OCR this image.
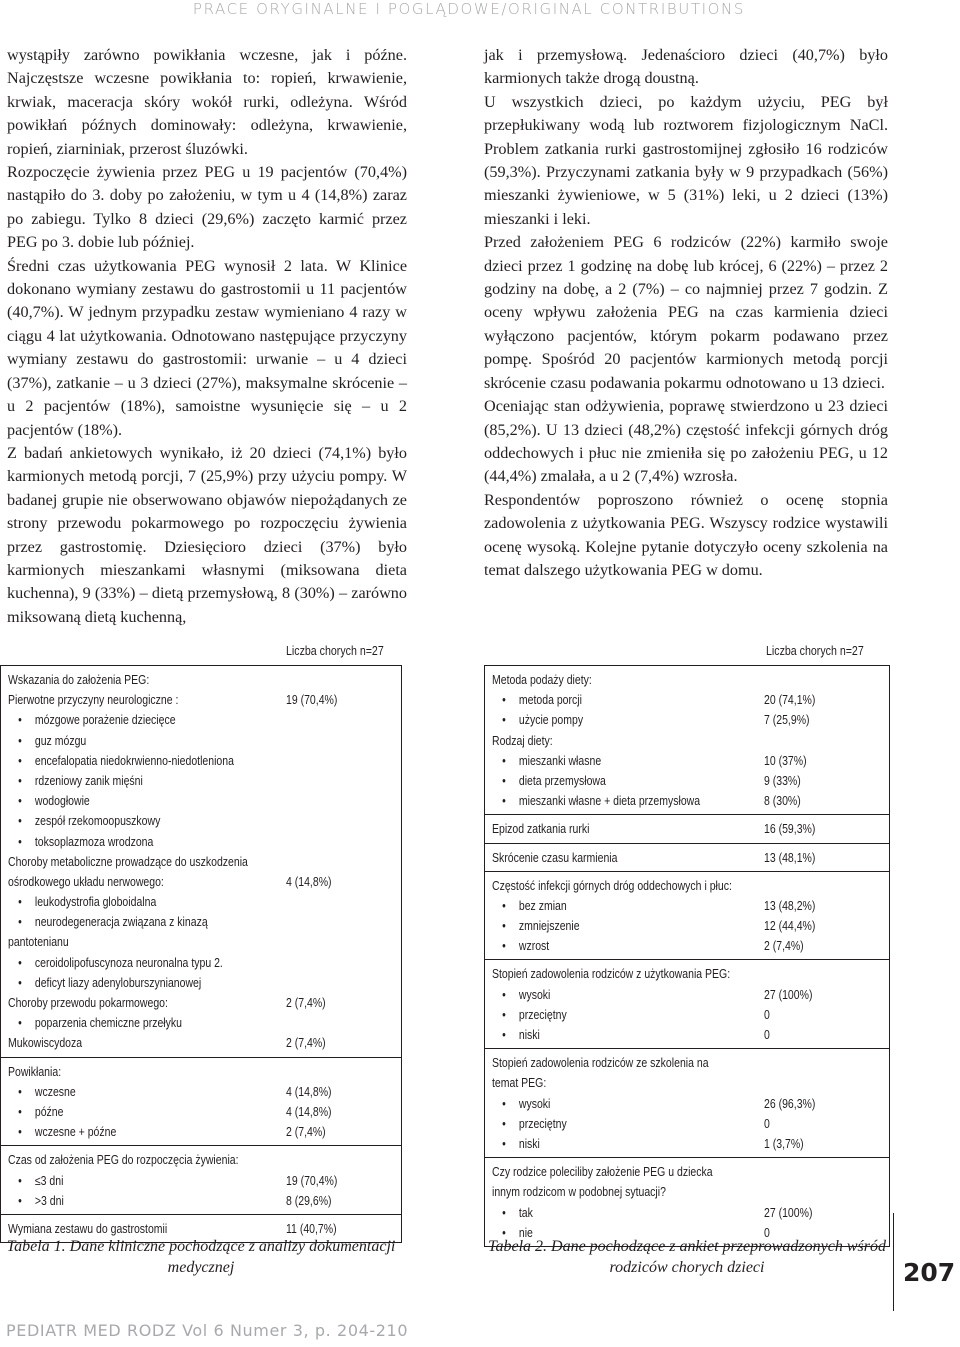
PRACE ORYGINALNE I POGLĄDOWE/ORIGINAL CONTRIBUTIONS

wystąpiły zarówno powikłania wczesne, jak i późne. Najczęstsze wczesne powikłania to: ropień, krwawienie, krwiak, maceracja skóry wokół rurki, odleżyna. Wśród powikłań późnych dominowały: odleżyna, krwawienie, ropień, ziarniniak, przerost śluzówki.

Rozpoczęcie żywienia przez PEG u 19 pacjentów (70,4%) nastąpiło do 3. doby po założeniu, w tym u 4 (14,8%) zaraz po zabiegu. Tylko 8 dzieci (29,6%) zaczęto karmić przez PEG po 3. dobie lub później.

Średni czas użytkowania PEG wynosił 2 lata. W Klinice dokonano wymiany zestawu do gastrostomii u 11 pacjentów (40,7%). W jednym przypadku zestaw wymieniano 4 razy w ciągu 4 lat użytkowania. Odnotowano następujące przyczyny wymiany zestawu do gastrostomii: urwanie – u 4 dzieci (37%), zatkanie – u 3 dzieci (27%), maksymalne skrócenie – u 2 pacjentów (18%), samoistne wysunięcie się – u 2 pacjentów (18%).

Z badań ankietowych wynikało, iż 20 dzieci (74,1%) było karmionych metodą porcji, 7 (25,9%) przy użyciu pompy. W badanej grupie nie obserwowano objawów niepożądanych ze strony przewodu pokarmowego po rozpoczęciu żywienia przez gastrostomię. Dziesięcioro dzieci (37%) było karmionych mieszankami własnymi (miksowana dieta kuchenna), 9 (33%) – dietą przemysłową, 8 (30%) – zarówno miksowaną dietą kuchenną,

jak i przemysłową. Jedenaściorо dzieci (40,7%) było karmionych także drogą doustną.

U wszystkich dzieci, po każdym użyciu, PEG był przepłukiwany wodą lub roztworem fizjologicznym NaCl. Problem zatkania rurki gastrostomijnej zgłosiło 16 rodziców (59,3%). Przyczynami zatkania były w 9 przypadkach (56%) mieszanki żywieniowe, w 5 (31%) leki, u 2 dzieci (13%) mieszanki i leki.

Przed założeniem PEG 6 rodziców (22%) karmiło swoje dzieci przez 1 godzinę na dobę lub krócej, 6 (22%) – przez 2 godziny na dobę, a 2 (7%) – co najmniej przez 7 godzin. Z oceny wpływu założenia PEG na czas karmienia dzieci wyłączono pacjentów, którym pokarm podawano przez pompę. Spośród 20 pacjentów karmionych metodą porcji skrócenie czasu podawania pokarmu odnotowano u 13 dzieci.

Oceniając stan odżywienia, poprawę stwierdzono u 23 dzieci (85,2%). U 13 dzieci (48,2%) częstość infekcji górnych dróg oddechowych i płuc nie zmieniła się po założeniu PEG, u 12 (44,4%) zmalała, a u 2 (7,4%) wzrosła.

Respondentów poproszono również o ocenę stopnia zadowolenia z użytkowania PEG. Wszyscy rodzice wystawili ocenę wysoką. Kolejne pytanie dotyczyło oceny szkolenia na temat dalszego użytkowania PEG w domu.

Liczba chorych n=27
Wskazania do założenia PEG:
Pierwotne przyczyny neurologiczne :	19 (70,4%)
• mózgowe porażenie dziecięce
• guz mózgu
• encefalopatia niedokrwienno-niedotleniona
• rdzeniowy zanik mięśni
• wodogłowie
• zespół rzekomoopuszkowy
• toksoplazmoza wrodzona
Choroby metaboliczne prowadzące do uszkodzenia
ośrodkowego układu nerwowego:	4 (14,8%)
• leukodystrofia globoidalna
• neurodegeneracja związana z kinazą
pantotenianu
• ceroidolipofuscynoza neuronalna typu 2.
• deficyt liazy adenyloburszynianowej
Choroby przewodu pokarmowego:	2 (7,4%)
• poparzenia chemiczne przełyku
Mukowiscydoza	2 (7,4%)
Powikłania:
• wczesne	4 (14,8%)
• późne	4 (14,8%)
• wczesne + późne	2 (7,4%)
Czas od założenia PEG do rozpoczęcia żywienia:
• ≤3 dni	19 (70,4%)
• >3 dni	8 (29,6%)
Wymiana zestawu do gastrostomii	11 (40,7%)
Tabela 1. Dane kliniczne pochodzące z analizy dokumentacji medycznej
Liczba chorych n=27
Metoda podaży diety:
• metoda porcji	20 (74,1%)
• użycie pompy	7 (25,9%)
Rodzaj diety:
• mieszanki własne	10 (37%)
• dieta przemysłowa	9 (33%)
• mieszanki własne + dieta przemysłowa	8 (30%)
Epizod zatkania rurki	16 (59,3%)
Skrócenie czasu karmienia	13 (48,1%)
Częstość infekcji górnych dróg oddechowych i płuc:
• bez zmian	13 (48,2%)
• zmniejszenie	12 (44,4%)
• wzrost	2 (7,4%)
Stopień zadowolenia rodziców z użytkowania PEG:
• wysoki	27 (100%)
• przeciętny	0
• niski	0
Stopień zadowolenia rodziców ze szkolenia na
temat PEG:
• wysoki	26 (96,3%)
• przeciętny	0
• niski	1 (3,7%)
Czy rodzice poleciliby założenie PEG u dziecka
innym rodzicom w podobnej sytuacji?
• tak	27 (100%)
• nie	0
Tabela 2. Dane pochodzące z ankiet przeprowadzonych wśród rodziców chorych dzieci	207
PEDIATR MED RODZ Vol 6 Numer 3, p. 204-210
